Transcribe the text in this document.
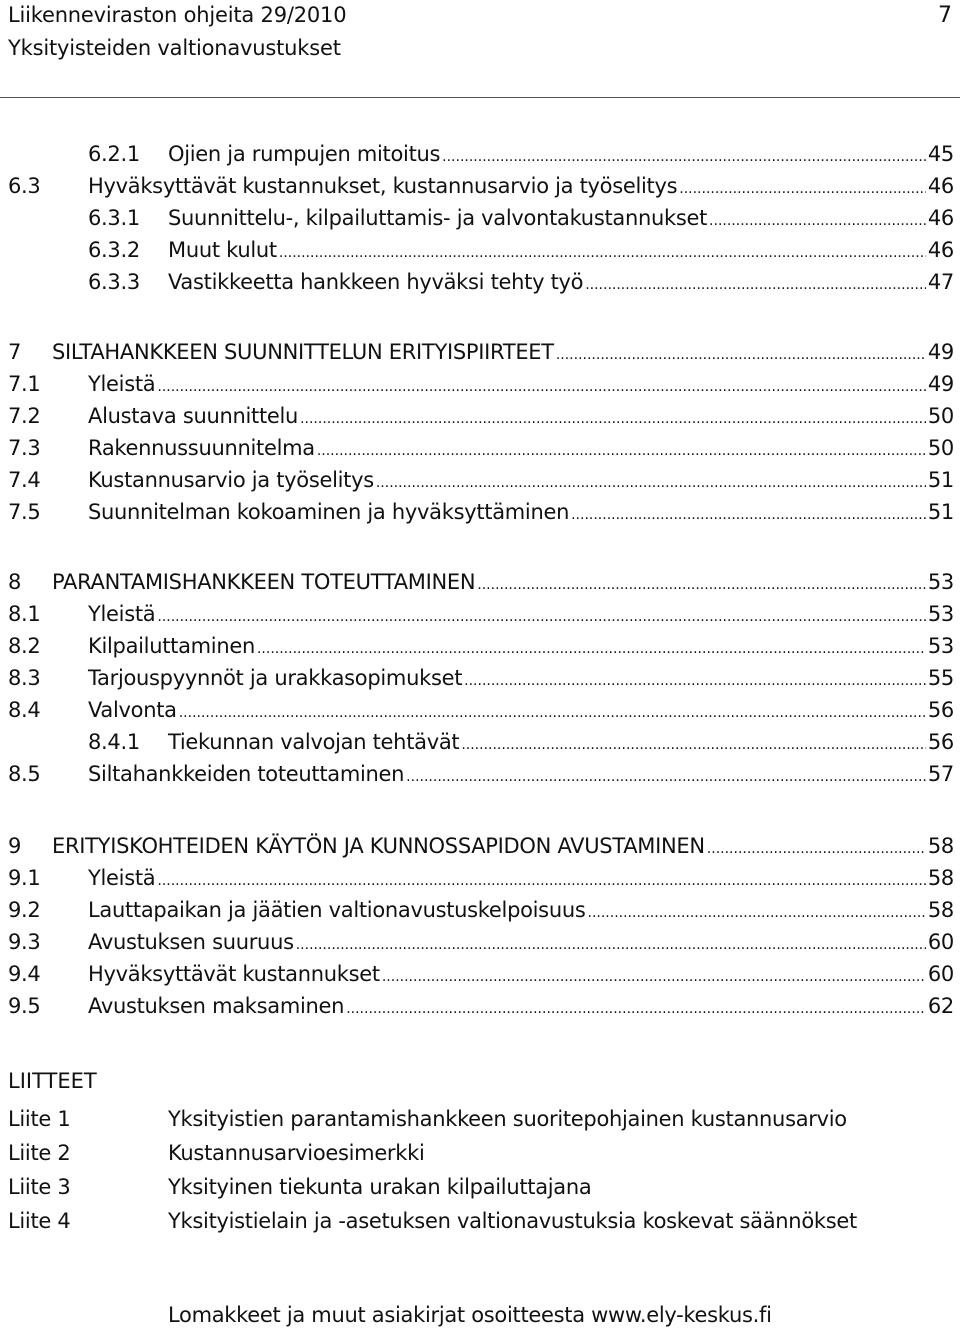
Liikenneviraston ohjeita 29/2010
Yksityisteiden valtionavustukset
7
6.2.1 Ojien ja rumpujen mitoitus .....	45
6.3 Hyväksyttävät kustannukset, kustannusarvio ja työselitys .....	46
6.3.1 Suunnittelu-, kilpailuttamis- ja valvontakustannukset .....	46
6.3.2 Muut kulut .....	46
6.3.3 Vastikkeetta hankkeen hyväksi tehty työ .....	47
7 SILTAHANKKEEN SUUNNITTELUN ERITYISPIIRTEET .....	49
7.1 Yleistä .....	49
7.2 Alustava suunnittelu .....	50
7.3 Rakennussuunnitelma .....	50
7.4 Kustannusarvio ja työselitys .....	51
7.5 Suunnitelman kokoaminen ja hyväksyttäminen .....	51
8 PARANTAMISHANKKEEN TOTEUTTAMINEN .....	53
8.1 Yleistä .....	53
8.2 Kilpailuttaminen .....	53
8.3 Tarjouspyynnöt ja urakkasopimukset .....	55
8.4 Valvonta .....	56
8.4.1 Tiekunnan valvojan tehtävät .....	56
8.5 Siltahankkeiden toteuttaminen .....	57
9 ERITYISKOHTEIDEN KÄYTÖN JA KUNNOSSAPIDON AVUSTAMINEN .....	58
9.1 Yleistä .....	58
9.2 Lauttapaikan ja jäätien valtionavustuskelpoisuus .....	58
9.3 Avustuksen suuruus .....	60
9.4 Hyväksyttävät kustannukset .....	60
9.5 Avustuksen maksaminen .....	62
LIITTEET
Liite 1	Yksityistien parantamishankkeen suoritepohjainen kustannusarvio
Liite 2	Kustannusarvioesimerkki
Liite 3	Yksityinen tiekunta urakan kilpailuttajana
Liite 4	Yksityistielain ja -asetuksen valtionavustuksia koskevat säännökset
Lomakkeet ja muut asiakirjat osoitteesta www.ely-keskus.fi
